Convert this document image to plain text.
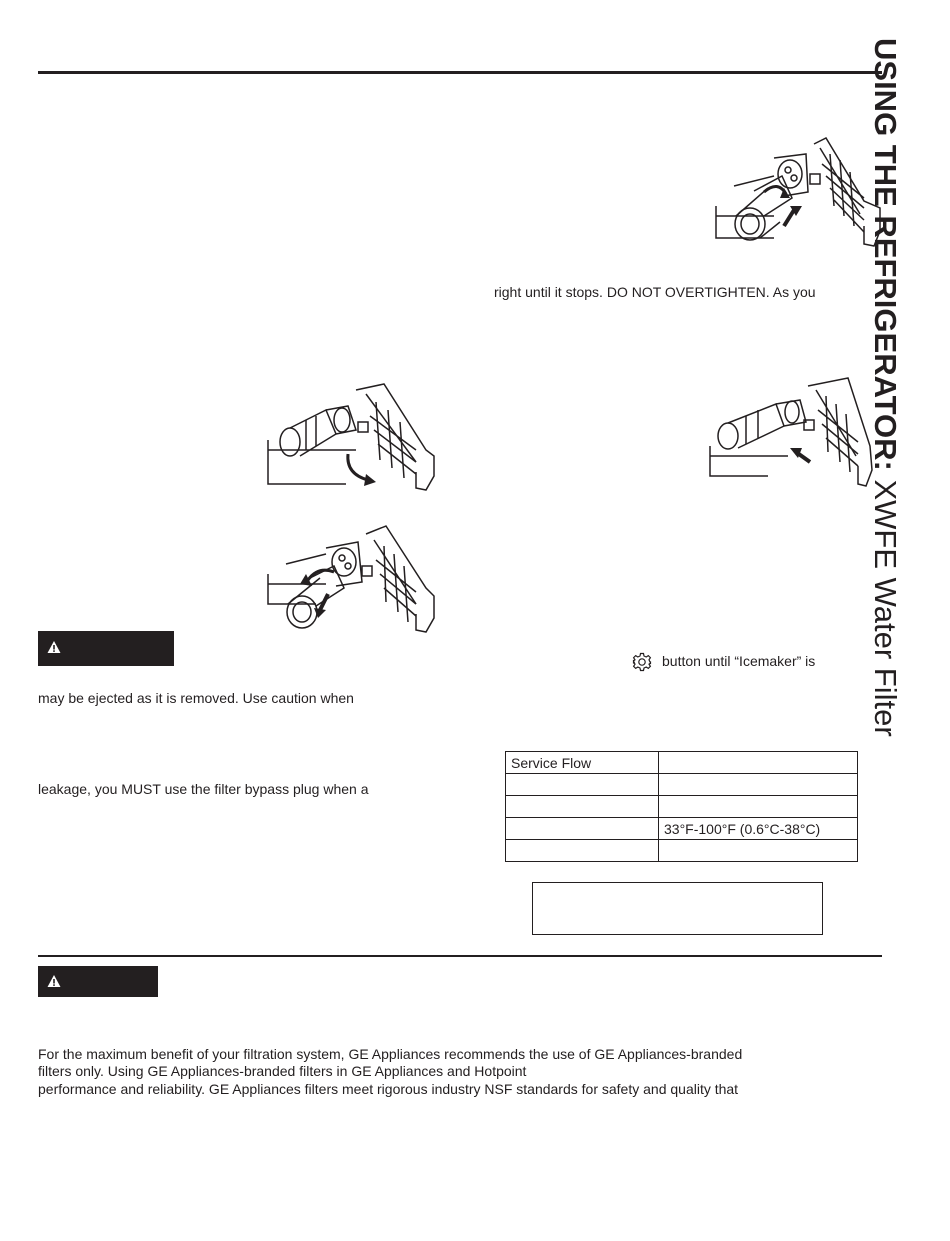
USING THE REFRIGERATOR: XWFE Water Filter
right until it stops. DO NOT OVERTIGHTEN. As you
button until “Icemaker” is
may be ejected as it is removed. Use caution when
leakage, you MUST use the filter bypass plug when a
Service Flow	

	33°F-100°F (0.6°C-38°C)

For the maximum benefit of your filtration system, GE Appliances recommends the use of GE Appliances-branded
filters only. Using GE Appliances-branded filters in GE Appliances and Hotpoint
performance and reliability. GE Appliances filters meet rigorous industry NSF standards for safety and quality that
